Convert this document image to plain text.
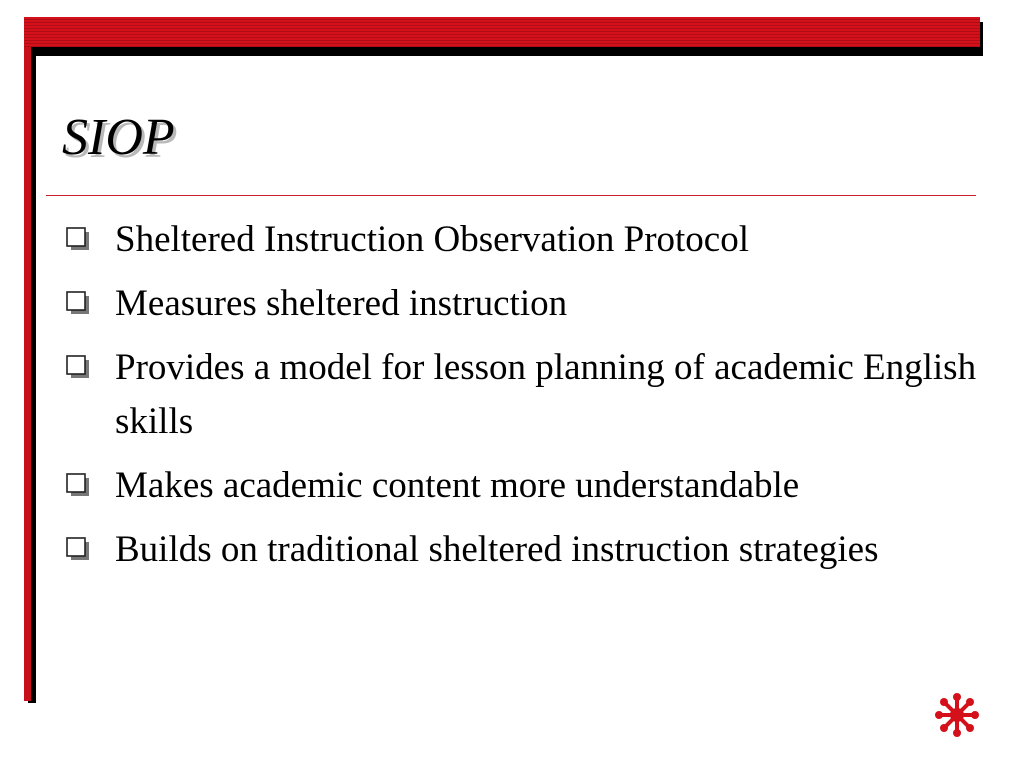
SIOP
Sheltered Instruction Observation Protocol
Measures sheltered instruction
Provides a model for lesson planning of academic English skills
Makes academic content more understandable
Builds on traditional sheltered instruction strategies
